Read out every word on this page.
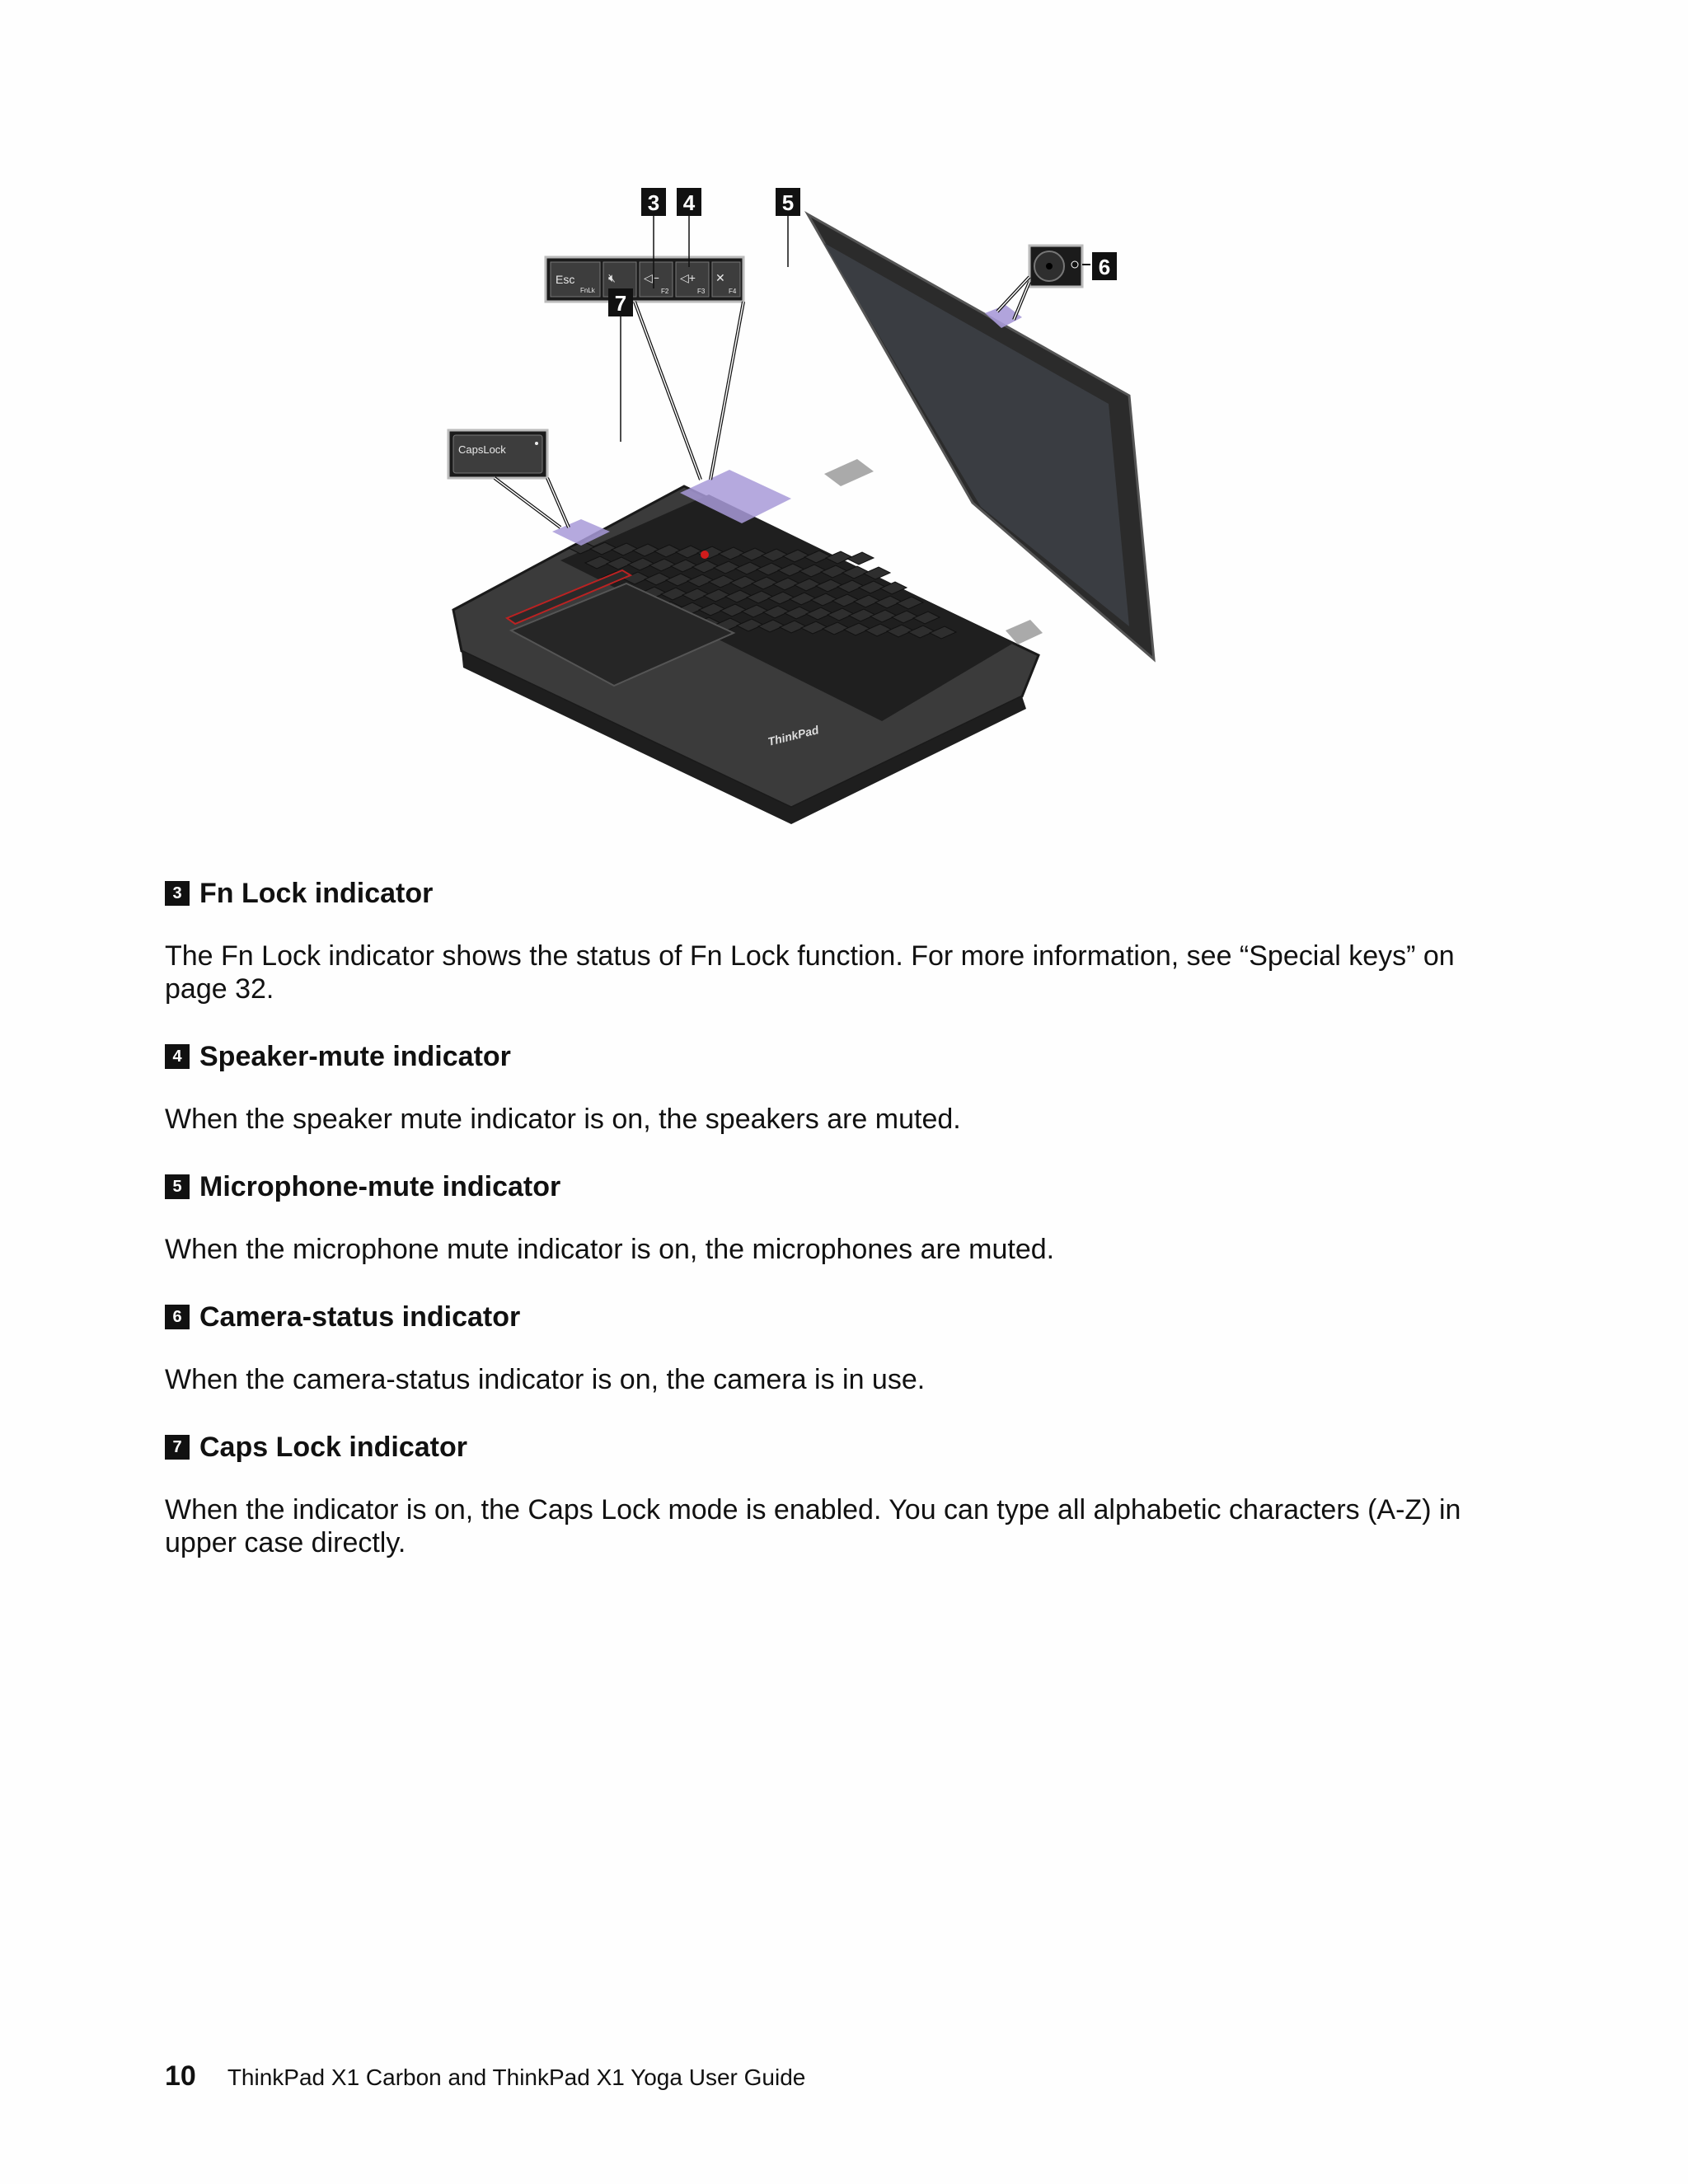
ThinkPad
Esc
FnLk
🔇︎ ◁−
F2
◁+
F3
✕
F4
CapsLock
3 4	5
6
7
3 Fn Lock indicator

The Fn Lock indicator shows the status of Fn Lock function. For more information, see “Special keys” on page 32.

4 Speaker-mute indicator

When the speaker mute indicator is on, the speakers are muted.

5 Microphone-mute indicator

When the microphone mute indicator is on, the microphones are muted.

6 Camera-status indicator

When the camera-status indicator is on, the camera is in use.

7 Caps Lock indicator

When the indicator is on, the Caps Lock mode is enabled. You can type all alphabetic characters (A-Z) in upper case directly.

10 ThinkPad X1 Carbon and ThinkPad X1 Yoga User Guide
